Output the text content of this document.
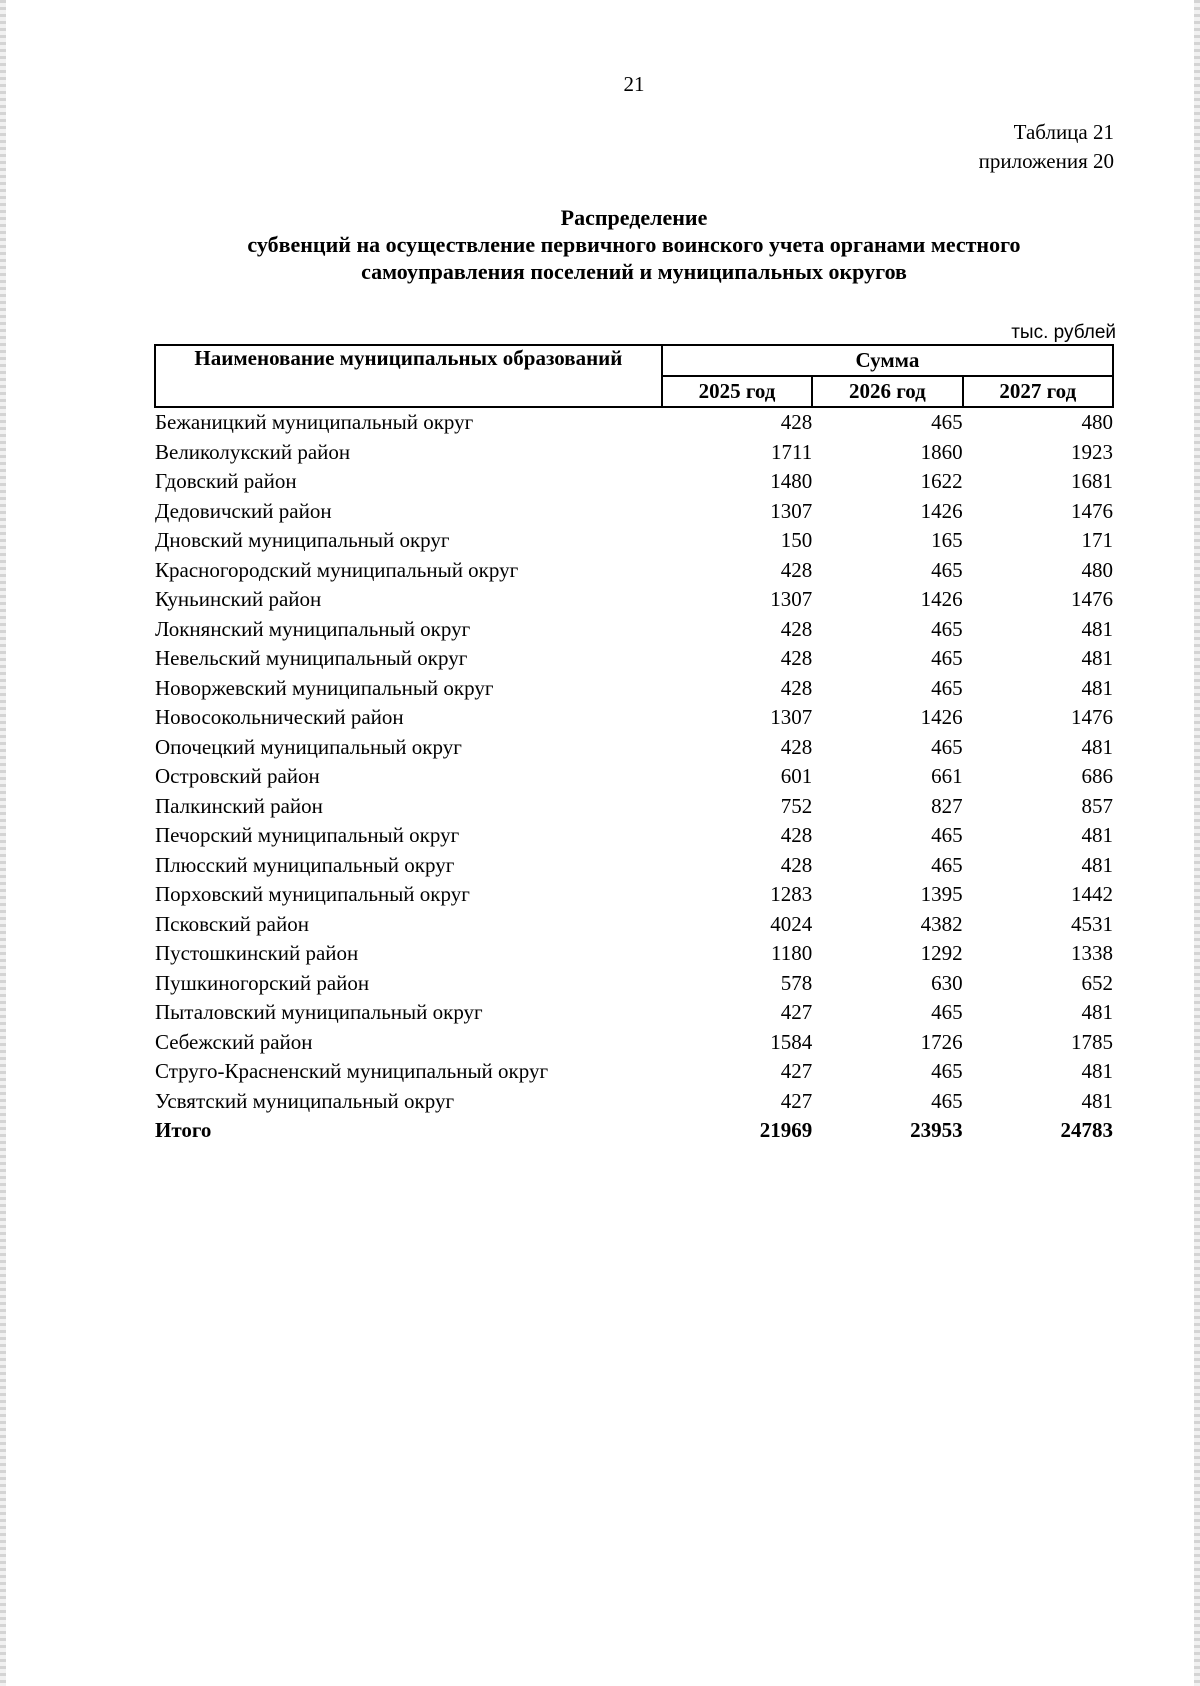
21
Таблица 21
приложения 20
Распределение
субвенций на осуществление первичного воинского учета органами местного
самоуправления поселений и муниципальных округов
тыс. рублей
Наименование муниципальных образований	Сумма		
	2025 год	2026 год	2027 год
Бежаницкий муниципальный округ	428	465	480
Великолукский район	1711	1860	1923
Гдовский район	1480	1622	1681
Дедовичский район	1307	1426	1476
Дновский муниципальный округ	150	165	171
Красногородский муниципальный округ	428	465	480
Куньинский район	1307	1426	1476
Локнянский муниципальный округ	428	465	481
Невельский муниципальный округ	428	465	481
Новоржевский муниципальный округ	428	465	481
Новосокольнический район	1307	1426	1476
Опочецкий муниципальный округ	428	465	481
Островский район	601	661	686
Палкинский район	752	827	857
Печорский муниципальный округ	428	465	481
Плюсский муниципальный округ	428	465	481
Порховский муниципальный округ	1283	1395	1442
Псковский район	4024	4382	4531
Пустошкинский район	1180	1292	1338
Пушкиногорский район	578	630	652
Пыталовский муниципальный округ	427	465	481
Себежский район	1584	1726	1785
Струго-Красненский муниципальный округ	427	465	481
Усвятский муниципальный округ	427	465	481
Итого	21969	23953	24783
